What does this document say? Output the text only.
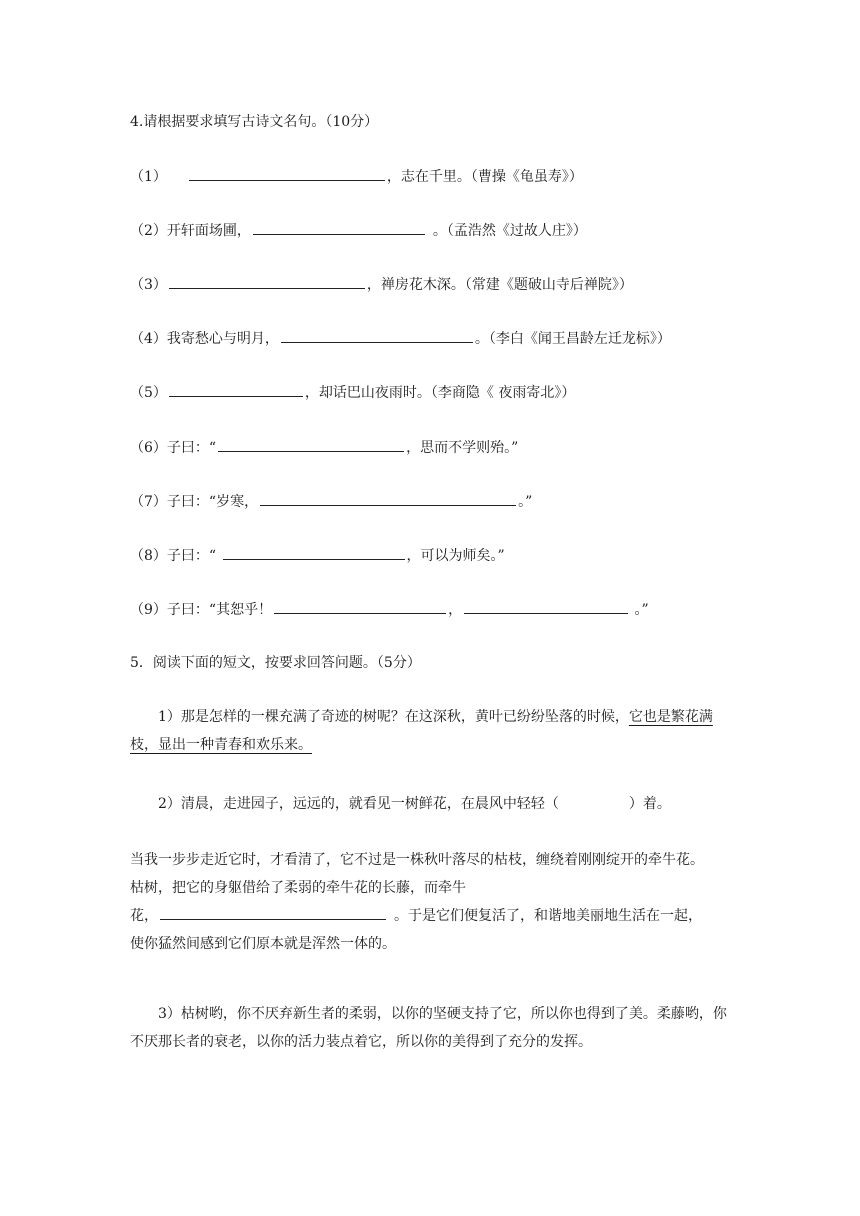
4.请根据要求填写古诗文名句。（10分）
（1）	，志在千里。（曹操《龟虽寿》）
（2）开轩面场圃，	。（孟浩然《过故人庄》）
（3）	，禅房花木深。（常建《题破山寺后禅院》）
（4）我寄愁心与明月，	。（李白《闻王昌龄左迁龙标》）
（5）	，却话巴山夜雨时。（李商隐《 夜雨寄北》）
（6）子曰：“	，思而不学则殆。”
（7）子曰：“岁寒，	。”
（8）子曰：“	，可以为师矣。”
（9）子曰：“其恕乎！	，	。”
5．阅读下面的短文，按要求回答问题。（5分）
1）那是怎样的一棵充满了奇迹的树呢？在这深秋，黄叶已纷纷坠落的时候，它也是繁花满枝，显出一种青春和欢乐来。
2）清晨，走进园子，远远的，就看见一树鲜花，在晨风中轻轻（	）着。
当我一步步走近它时，才看清了，它不过是一株秋叶落尽的枯枝，缠绕着刚刚绽开的牵牛花。
枯树，把它的身躯借给了柔弱的牵牛花的长藤，而牵牛
花，	。于是它们便复活了，和谐地美丽地生活在一起，
使你猛然间感到它们原本就是浑然一体的。
3）枯树哟，你不厌弃新生者的柔弱，以你的坚硬支持了它，所以你也得到了美。柔藤哟，你不厌那长者的衰老，以你的活力装点着它，所以你的美得到了充分的发挥。
